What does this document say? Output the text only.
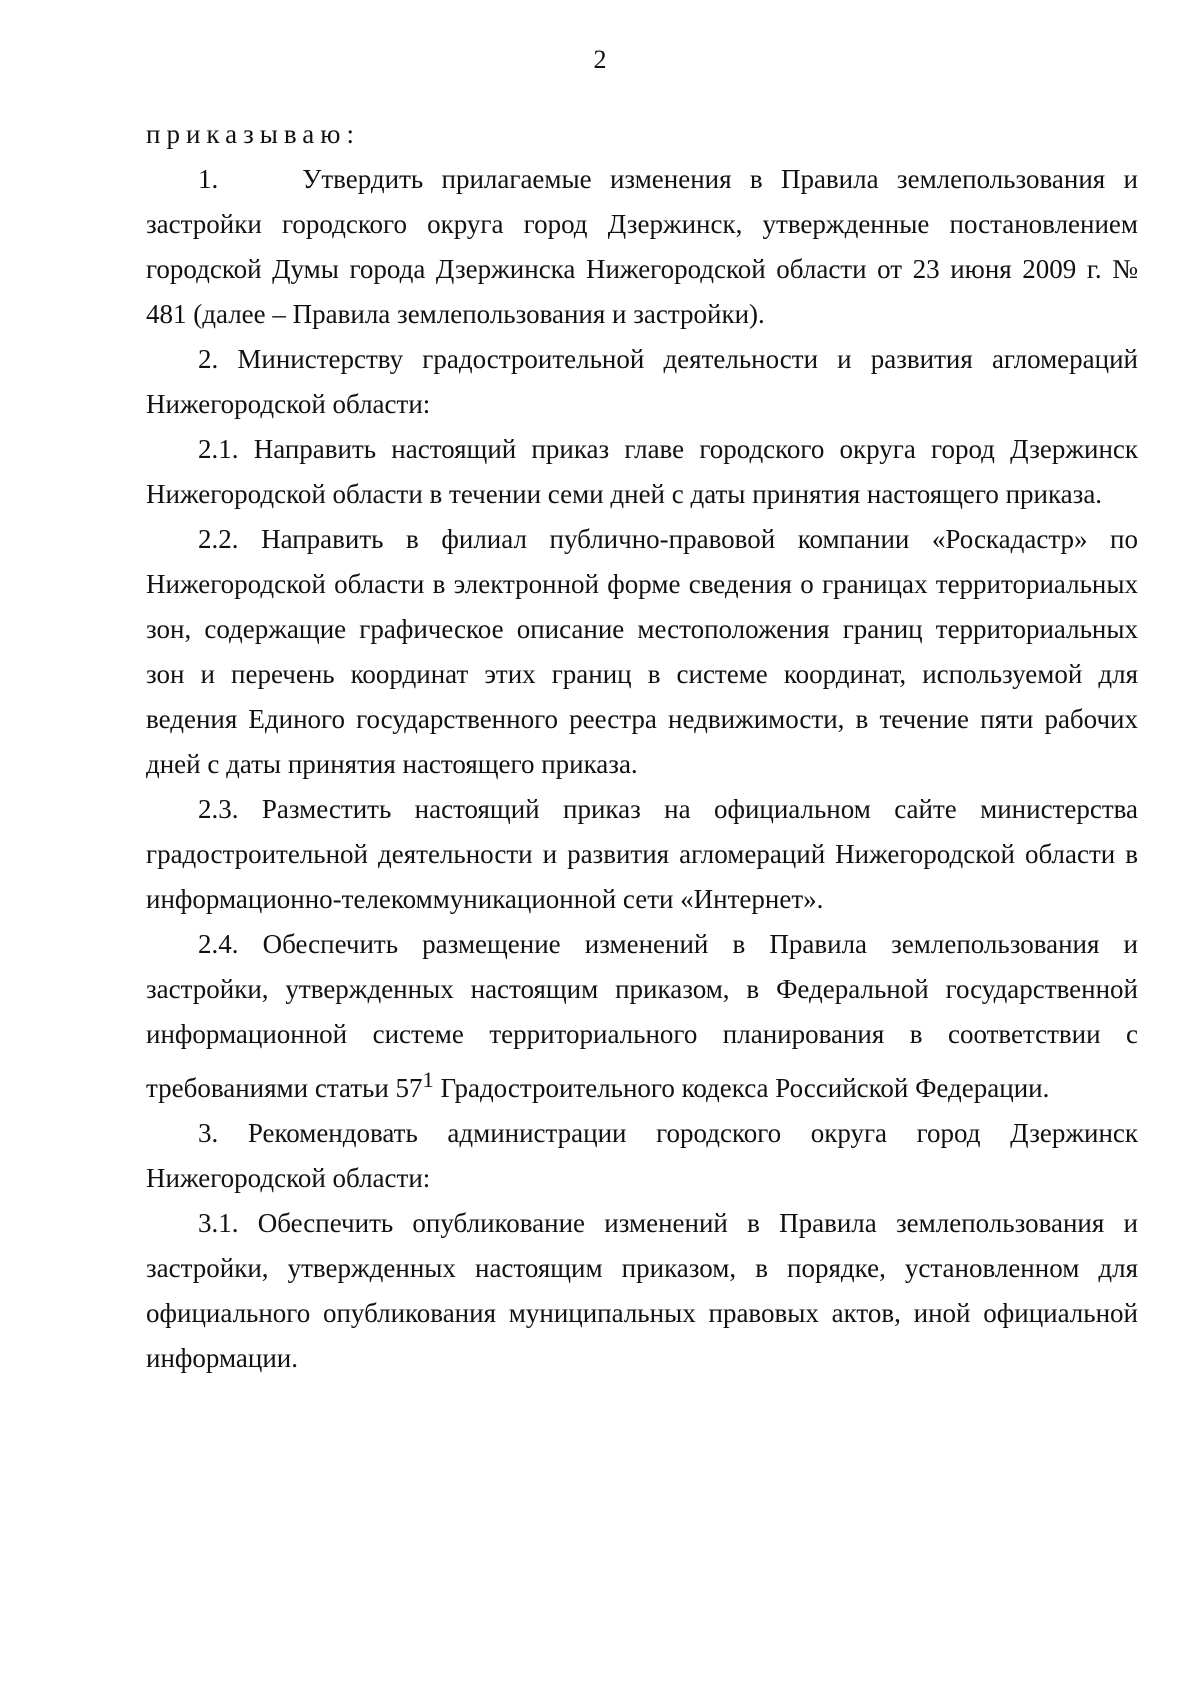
2

приказываю:

1.	Утвердить прилагаемые изменения в Правила землепользования и застройки городского округа город Дзержинск, утвержденные постановлением городской Думы города Дзержинска Нижегородской области от 23 июня 2009 г. № 481 (далее – Правила землепользования и застройки).

2. Министерству градостроительной деятельности и развития агломераций Нижегородской области:

2.1. Направить настоящий приказ главе городского округа город Дзержинск Нижегородской области в течении семи дней с даты принятия настоящего приказа.

2.2. Направить в филиал публично-правовой компании «Роскадастр» по Нижегородской области в электронной форме сведения о границах территориальных зон, содержащие графическое описание местоположения границ территориальных зон и перечень координат этих границ в системе координат, используемой для ведения Единого государственного реестра недвижимости, в течение пяти рабочих дней с даты принятия настоящего приказа.

2.3. Разместить настоящий приказ на официальном сайте министерства градостроительной деятельности и развития агломераций Нижегородской области в информационно-телекоммуникационной сети «Интернет».

2.4. Обеспечить размещение изменений в Правила землепользования и застройки, утвержденных настоящим приказом, в Федеральной государственной информационной системе территориального планирования в соответствии с требованиями статьи $57^1$ Градостроительного кодекса Российской Федерации.

3. Рекомендовать администрации городского округа город Дзержинск Нижегородской области:

3.1. Обеспечить опубликование изменений в Правила землепользования и застройки, утвержденных настоящим приказом, в порядке, установленном для официального опубликования муниципальных правовых актов, иной официальной информации.
